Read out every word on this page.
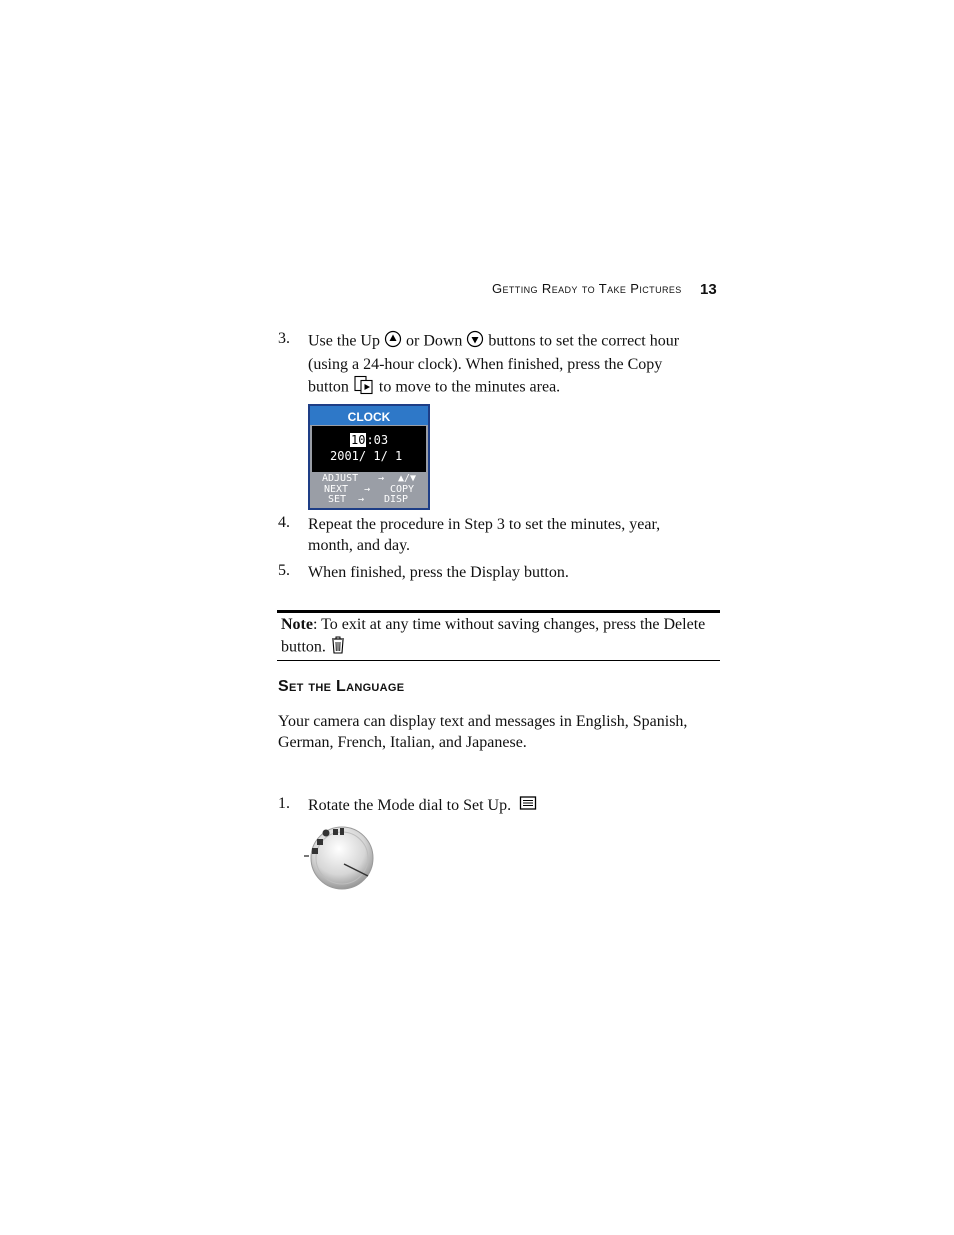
Getting Ready to Take Pictures 13
3. Use the Up or Down buttons to set the correct hour
(using a 24-hour clock). When finished, press the Copy
button to move to the minutes area.
CLOCK
10:03
2001/ 1/ 1
ADJUST → ▲/▼
NEXT → COPY
SET → DISP
4. Repeat the procedure in Step 3 to set the minutes, year, month, and day.
5. When finished, press the Display button.
Note: To exit at any time without saving changes, press the Delete button.
Set the Language
Your camera can display text and messages in English, Spanish, German, French, Italian, and Japanese.
1. Rotate the Mode dial to Set Up.
